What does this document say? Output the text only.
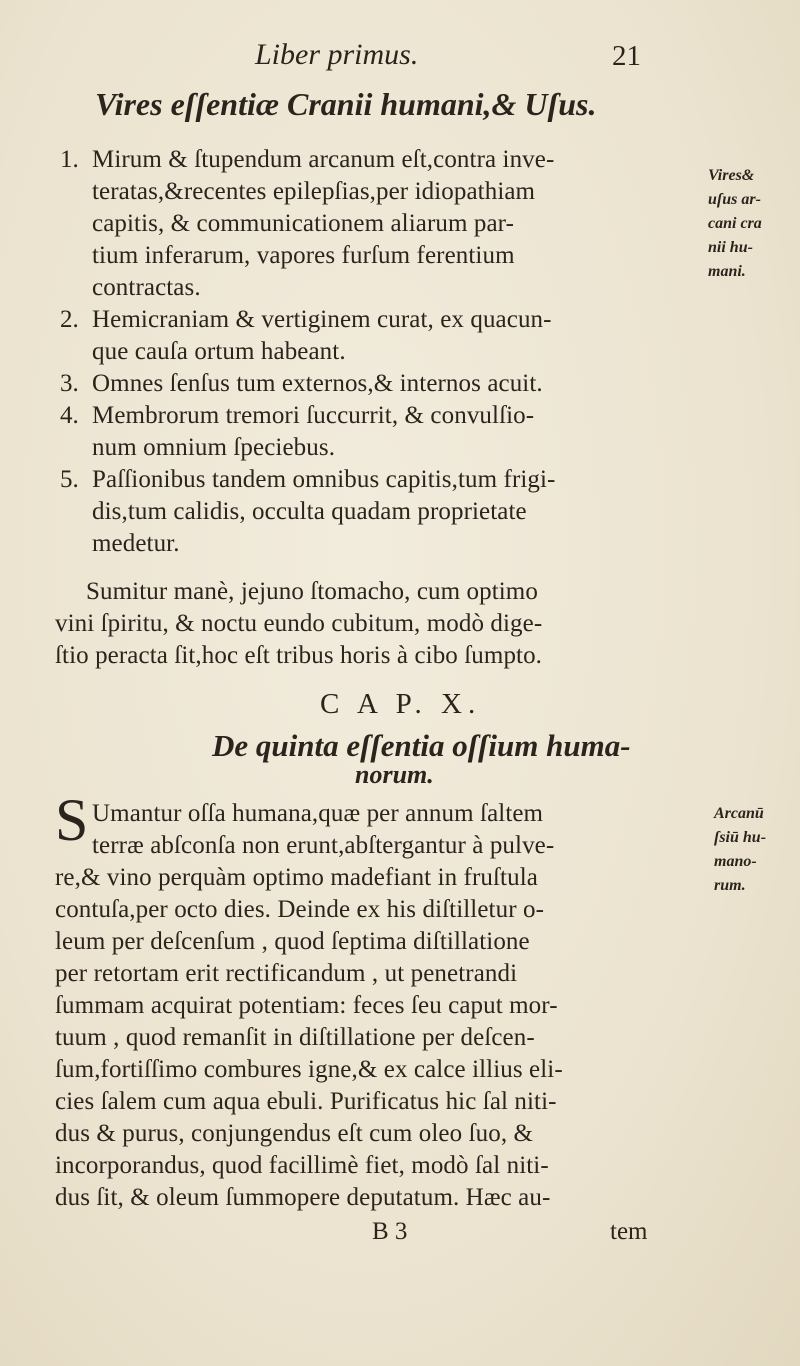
Liber primus.	21
Vires eſſentiæ Cranii humani,& Uſus.
1. Mirum & ſtupendum arcanum eſt,contra inve-
teratas,&recentes epilepſias,per idiopathiam
capitis, & communicationem aliarum par-
tium inferarum, vapores furſum ferentium
contractas.
Vires&
uſus ar-
cani cra
nii hu-
mani.
2. Hemicraniam & vertiginem curat, ex quacun-
que cauſa ortum habeant.
3. Omnes ſenſus tum externos,& internos acuit.
4. Membrorum tremori ſuccurrit, & convulſio-
num omnium ſpeciebus.
5. Paſſionibus tandem omnibus capitis,tum frigi-
dis,tum calidis, occulta quadam proprietate
medetur.
Sumitur manè, jejuno ſtomacho, cum optimo
vini ſpiritu, & noctu eundo cubitum, modò dige-
ſtio peracta ſit,hoc eſt tribus horis à cibo ſumpto.
C A P. X.
De quinta eſſentia oſſium huma-
norum.
S Umantur oſſa humana,quæ per annum ſaltem
terræ abſconſa non erunt,abſtergantur à pulve-
re,& vino perquàm optimo madefiant in fruſtula
contuſa,per octo dies. Deinde ex his diſtilletur o-
leum per deſcenſum , quod ſeptima diſtillatione
per retortam erit rectificandum , ut penetrandi
ſummam acquirat potentiam: feces ſeu caput mor-
tuum , quod remanſit in diſtillatione per deſcen-
ſum,fortiſſimo combures igne,& ex calce illius eli-
cies ſalem cum aqua ebuli. Purificatus hic ſal niti-
dus & purus, conjungendus eſt cum oleo ſuo, &
incorporandus, quod facillimè fiet, modò ſal niti-
dus ſit, & oleum ſummopere deputatum. Hæc au-
Arcanū
ſsiū hu-
mano-
rum.
B 3	tem
